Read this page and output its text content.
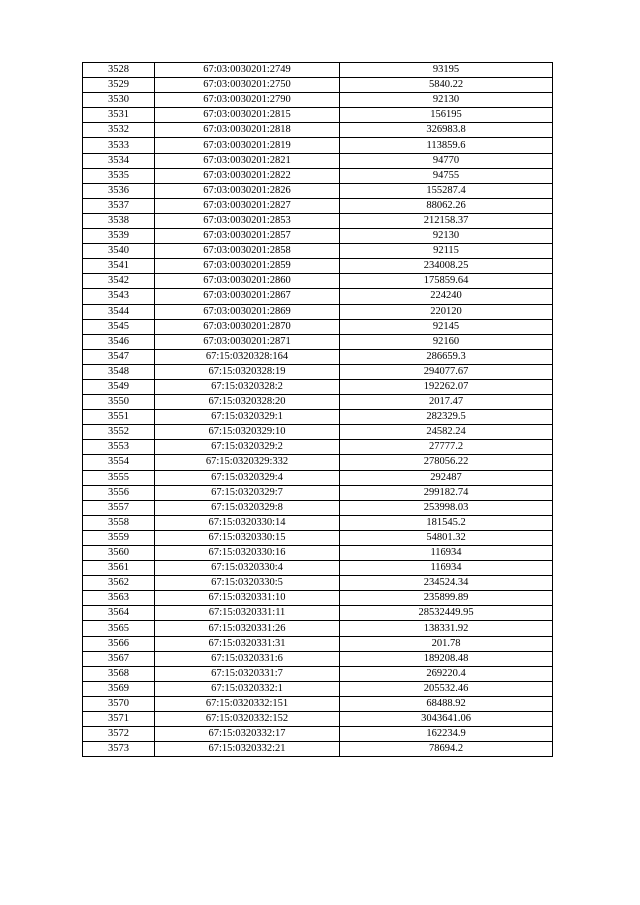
3528	67:03:0030201:2749	93195
3529	67:03:0030201:2750	5840.22
3530	67:03:0030201:2790	92130
3531	67:03:0030201:2815	156195
3532	67:03:0030201:2818	326983.8
3533	67:03:0030201:2819	113859.6
3534	67:03:0030201:2821	94770
3535	67:03:0030201:2822	94755
3536	67:03:0030201:2826	155287.4
3537	67:03:0030201:2827	88062.26
3538	67:03:0030201:2853	212158.37
3539	67:03:0030201:2857	92130
3540	67:03:0030201:2858	92115
3541	67:03:0030201:2859	234008.25
3542	67:03:0030201:2860	175859.64
3543	67:03:0030201:2867	224240
3544	67:03:0030201:2869	220120
3545	67:03:0030201:2870	92145
3546	67:03:0030201:2871	92160
3547	67:15:0320328:164	286659.3
3548	67:15:0320328:19	294077.67
3549	67:15:0320328:2	192262.07
3550	67:15:0320328:20	2017.47
3551	67:15:0320329:1	282329.5
3552	67:15:0320329:10	24582.24
3553	67:15:0320329:2	27777.2
3554	67:15:0320329:332	278056.22
3555	67:15:0320329:4	292487
3556	67:15:0320329:7	299182.74
3557	67:15:0320329:8	253998.03
3558	67:15:0320330:14	181545.2
3559	67:15:0320330:15	54801.32
3560	67:15:0320330:16	116934
3561	67:15:0320330:4	116934
3562	67:15:0320330:5	234524.34
3563	67:15:0320331:10	235899.89
3564	67:15:0320331:11	28532449.95
3565	67:15:0320331:26	138331.92
3566	67:15:0320331:31	201.78
3567	67:15:0320331:6	189208.48
3568	67:15:0320331:7	269220.4
3569	67:15:0320332:1	205532.46
3570	67:15:0320332:151	68488.92
3571	67:15:0320332:152	3043641.06
3572	67:15:0320332:17	162234.9
3573	67:15:0320332:21	78694.2
